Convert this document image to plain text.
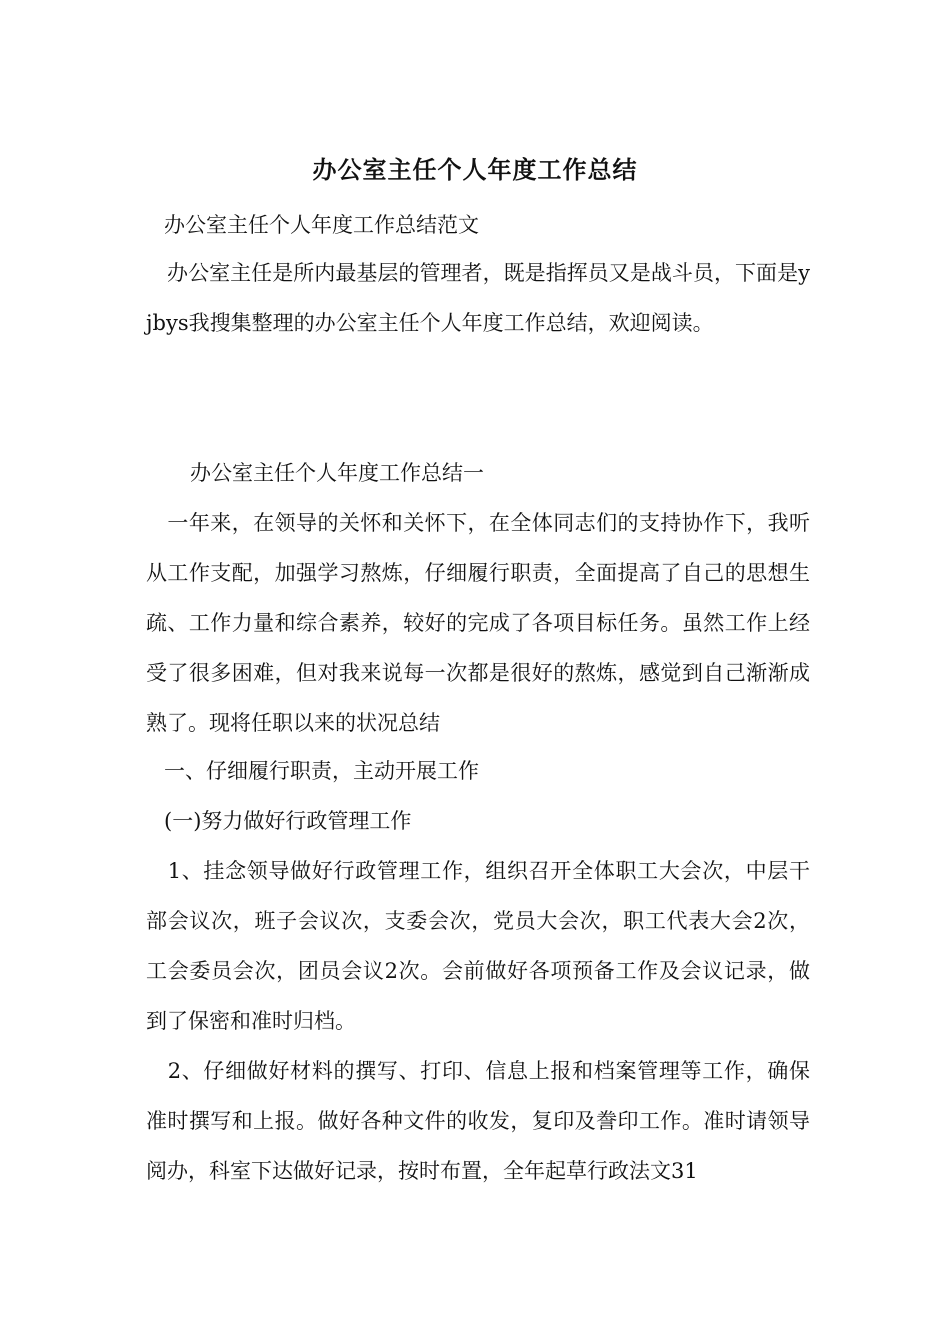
办公室主任个人年度工作总结
办公室主任个人年度工作总结范文
　办公室主任是所内最基层的管理者，既是指挥员又是战斗员，下面是yjbys我搜集整理的办公室主任个人年度工作总结，欢迎阅读。
办公室主任个人年度工作总结一
　一年来，在领导的关怀和关怀下，在全体同志们的支持协作下，我听从工作支配，加强学习熬炼，仔细履行职责，全面提高了自己的思想生疏、工作力量和综合素养，较好的完成了各项目标任务。虽然工作上经受了很多困难，但对我来说每一次都是很好的熬炼，感觉到自己渐渐成熟了。现将任职以来的状况总结
一、仔细履行职责，主动开展工作
(一)努力做好行政管理工作
　1、挂念领导做好行政管理工作，组织召开全体职工大会次，中层干部会议次，班子会议次，支委会次，党员大会次，职工代表大会2次，工会委员会次，团员会议2次。会前做好各项预备工作及会议记录，做到了保密和准时归档。
　2、仔细做好材料的撰写、打印、信息上报和档案管理等工作，确保准时撰写和上报。做好各种文件的收发，复印及誊印工作。准时请领导阅办，科室下达做好记录，按时布置，全年起草行政法文31
